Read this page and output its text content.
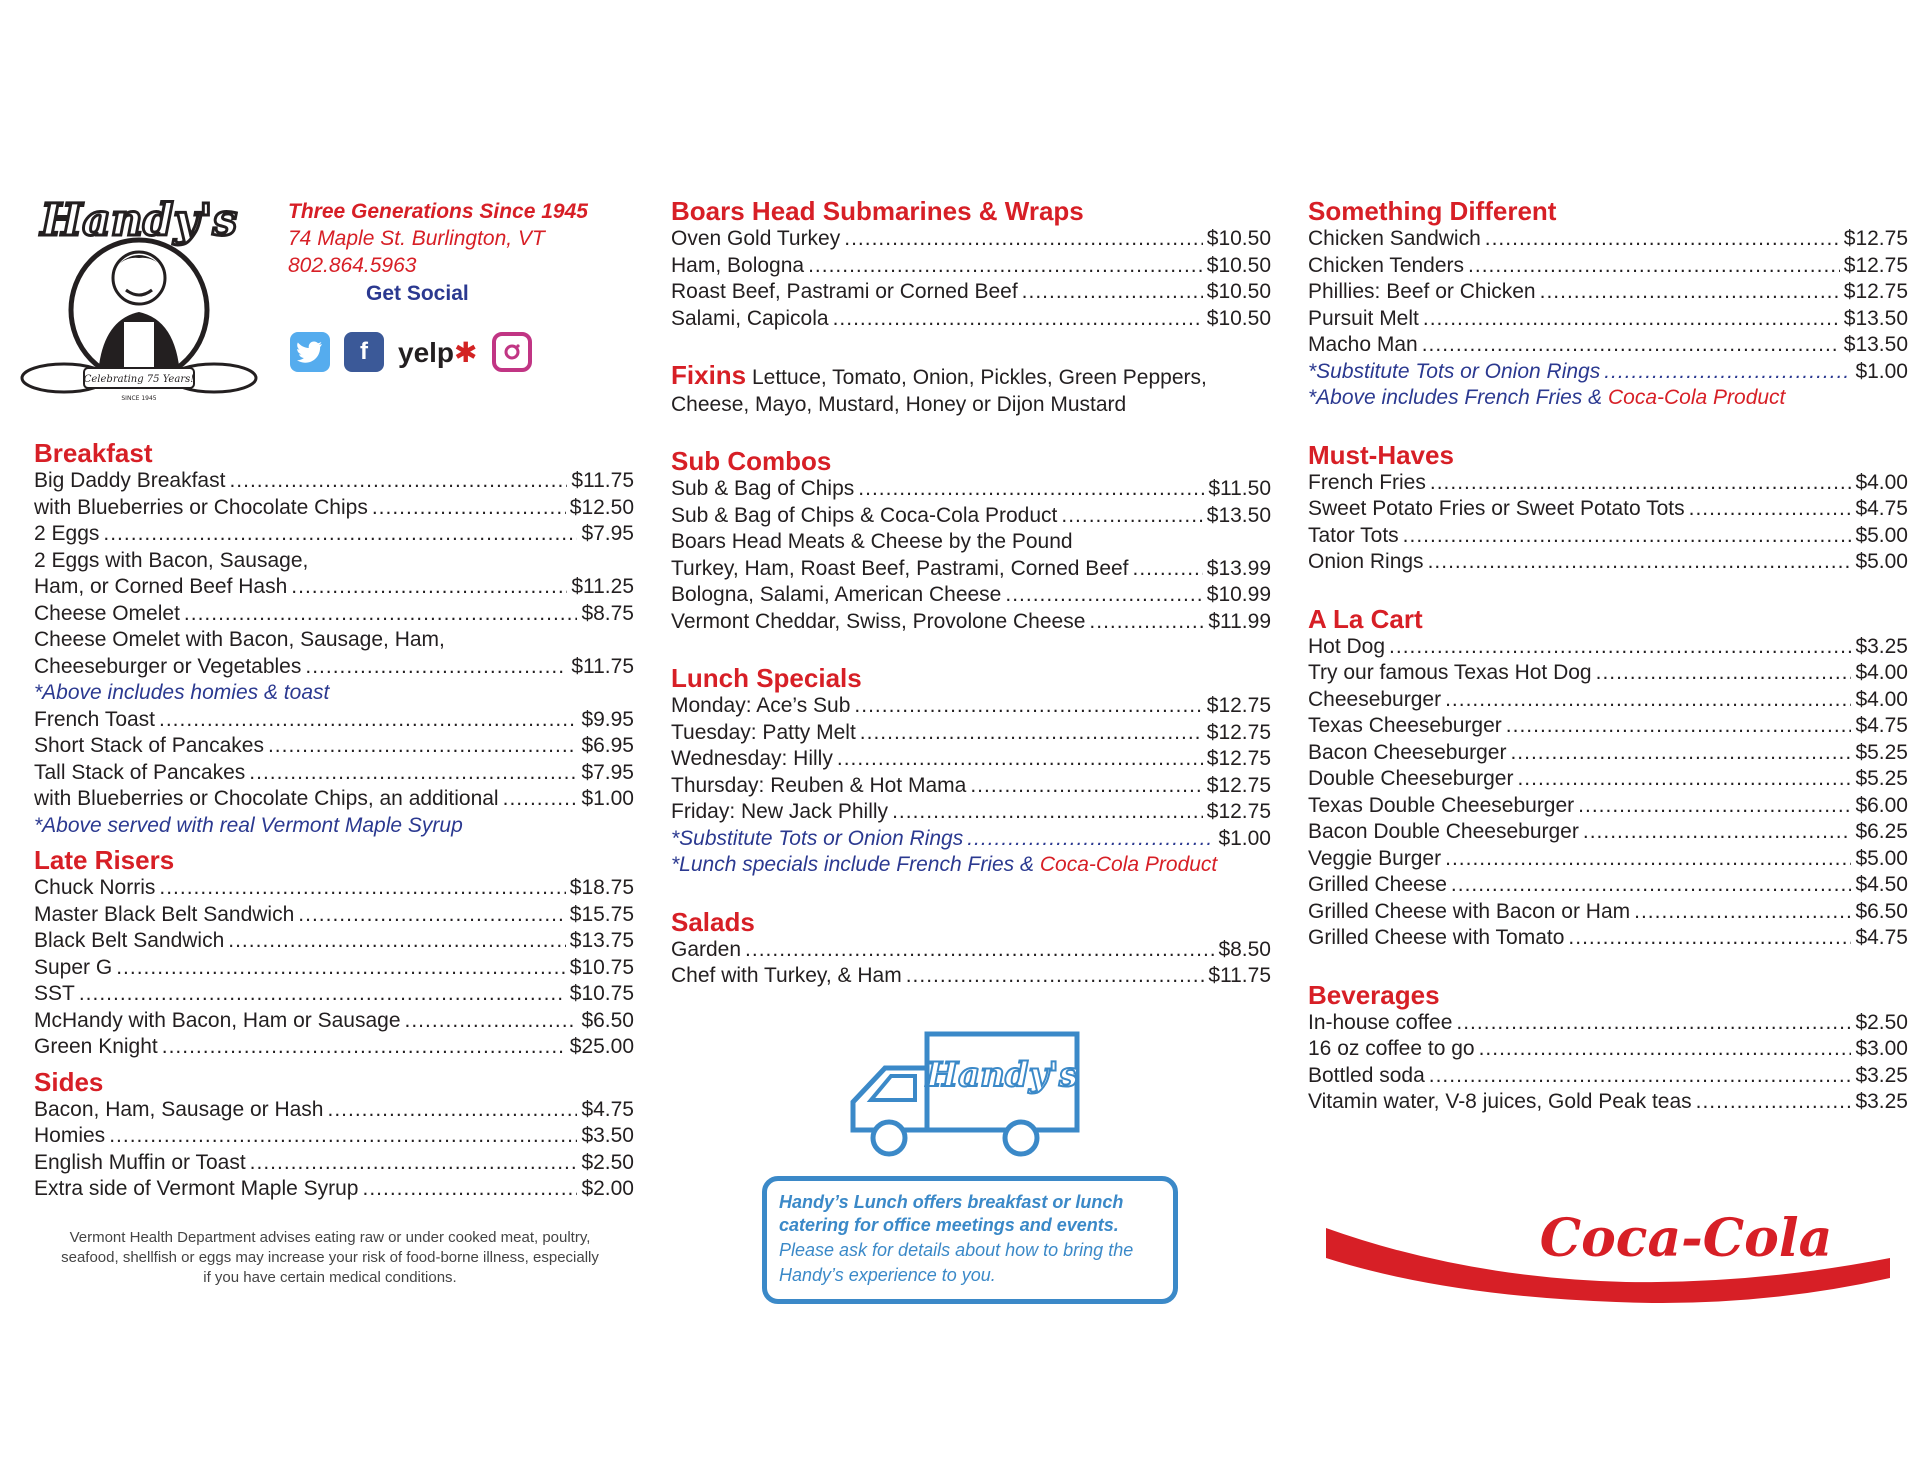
Handy's
Celebrating 75 Years!
SINCE 1945
Three Generations Since 1945
74 Maple St. Burlington, VT
802.864.5963
Get Social
f	yelp✱
Breakfast
Big Daddy Breakfast .....	$11.75
with Blueberries or Chocolate Chips .....	$12.50
2 Eggs .....	$7.95
2 Eggs with Bacon, Sausage,
Ham, or Corned Beef Hash .....	$11.25
Cheese Omelet .....	$8.75
Cheese Omelet with Bacon, Sausage, Ham,
Cheeseburger or Vegetables .....	$11.75
*Above includes homies & toast
French Toast .....	$9.95
Short Stack of Pancakes .....	$6.95
Tall Stack of Pancakes .....	$7.95
with Blueberries or Chocolate Chips, an additional .....	$1.00
*Above served with real Vermont Maple Syrup
Late Risers
Chuck Norris .....	$18.75
Master Black Belt Sandwich .....	$15.75
Black Belt Sandwich .....	$13.75
Super G .....	$10.75
SST .....	$10.75
McHandy with Bacon, Ham or Sausage .....	$6.50
Green Knight .....	$25.00
Sides
Bacon, Ham, Sausage or Hash .....	$4.75
Homies .....	$3.50
English Muffin or Toast .....	$2.50
Extra side of Vermont Maple Syrup .....	$2.00
Vermont Health Department advises eating raw or under cooked meat, poultry, seafood, shellfish or eggs may increase your risk of food-borne illness, especially if you have certain medical conditions.
Boars Head Submarines & Wraps
Oven Gold Turkey .....	$10.50
Ham, Bologna .....	$10.50
Roast Beef, Pastrami or Corned Beef .....	$10.50
Salami, Capicola .....	$10.50
Fixins Lettuce, Tomato, Onion, Pickles, Green Peppers,
Cheese, Mayo, Mustard, Honey or Dijon Mustard
Sub Combos
Sub & Bag of Chips .....	$11.50
Sub & Bag of Chips & Coca-Cola Product .....	$13.50
Boars Head Meats & Cheese by the Pound
Turkey, Ham, Roast Beef, Pastrami, Corned Beef .....	$13.99
Bologna, Salami, American Cheese .....	$10.99
Vermont Cheddar, Swiss, Provolone Cheese .....	$11.99
Lunch Specials
Monday: Ace’s Sub .....	$12.75
Tuesday: Patty Melt .....	$12.75
Wednesday: Hilly .....	$12.75
Thursday: Reuben & Hot Mama .....	$12.75
Friday: New Jack Philly .....	$12.75
*Substitute Tots or Onion Rings .....	$1.00
*Lunch specials include French Fries & Coca-Cola Product
Salads
Garden .....	$8.50
Chef with Turkey, & Ham .....	$11.75
Handy's
Handy’s Lunch offers breakfast or lunch
catering for office meetings and events.
Please ask for details about how to bring the
Handy’s experience to you.
Something Different
Chicken Sandwich .....	$12.75
Chicken Tenders .....	$12.75
Phillies: Beef or Chicken .....	$12.75
Pursuit Melt .....	$13.50
Macho Man .....	$13.50
*Substitute Tots or Onion Rings .....	$1.00
*Above includes French Fries & Coca-Cola Product
Must-Haves
French Fries .....	$4.00
Sweet Potato Fries or Sweet Potato Tots .....	$4.75
Tator Tots .....	$5.00
Onion Rings .....	$5.00
A La Cart
Hot Dog .....	$3.25
Try our famous Texas Hot Dog .....	$4.00
Cheeseburger .....	$4.00
Texas Cheeseburger .....	$4.75
Bacon Cheeseburger .....	$5.25
Double Cheeseburger .....	$5.25
Texas Double Cheeseburger .....	$6.00
Bacon Double Cheeseburger .....	$6.25
Veggie Burger .....	$5.00
Grilled Cheese .....	$4.50
Grilled Cheese with Bacon or Ham .....	$6.50
Grilled Cheese with Tomato .....	$4.75
Beverages
In-house coffee .....	$2.50
16 oz coffee to go .....	$3.00
Bottled soda .....	$3.25
Vitamin water, V-8 juices, Gold Peak teas .....	$3.25
Coca-Cola
